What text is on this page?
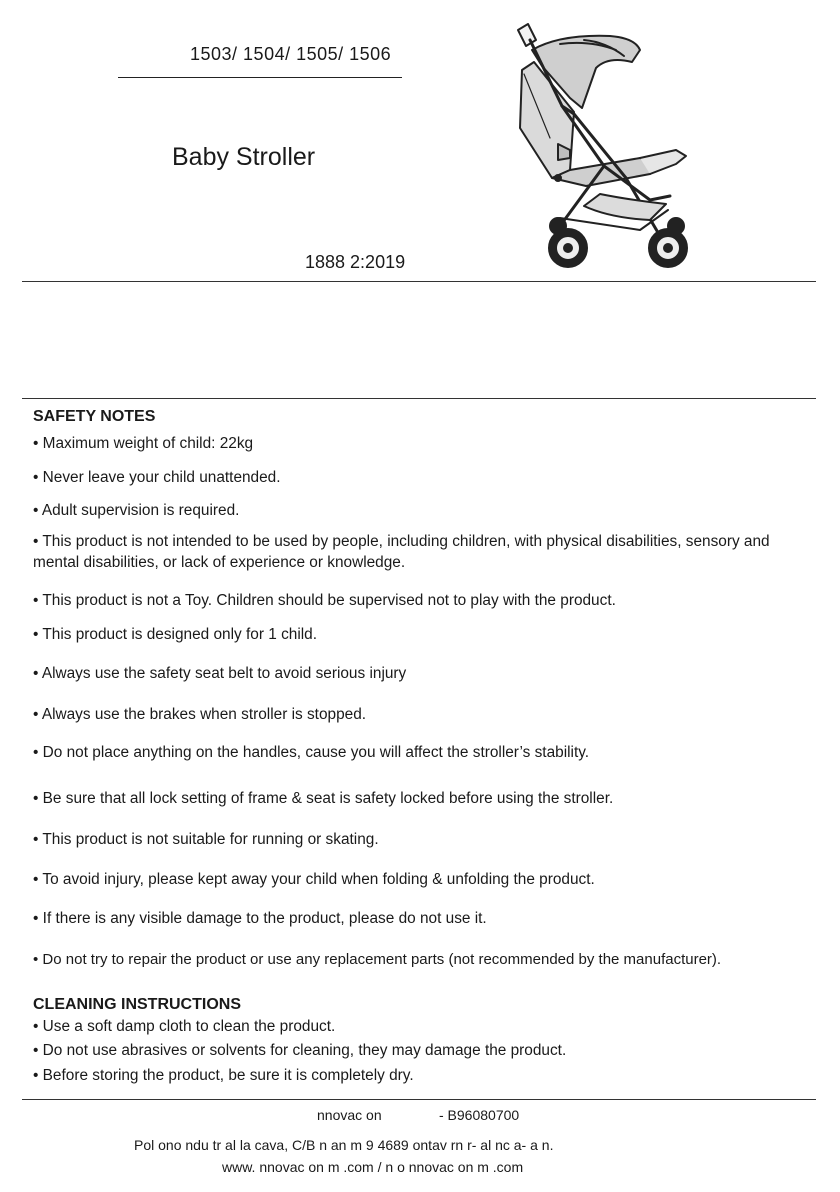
1503/ 1504/ 1505/ 1506
Baby Stroller
1888 2:2019
SAFETY NOTES
• Maximum weight of child: 22kg
• Never leave your child unattended.
• Adult supervision is required.
• This product is not intended to be used by people, including children, with physical disabilities, sensory and mental disabilities, or lack of experience or knowledge.
• This product is not a Toy. Children should be supervised not to play with the product.
• This product is designed only for 1 child.
• Always use the safety seat belt to avoid serious injury
• Always use the brakes when stroller is stopped.
• Do not place anything on the handles, cause you will affect the stroller’s stability.
• Be sure that all lock setting of frame & seat is safety locked before using the stroller.
• This product is not suitable for running or skating.
• To avoid injury, please kept away your child when folding & unfolding the product.
• If there is any visible damage to the product, please do not use it.
• Do not try to repair the product or use any replacement parts (not recommended by the manufacturer).
CLEANING INSTRUCTIONS
• Use a soft damp cloth to clean the product.
• Do not use abrasives or solvents for cleaning, they may damage the product.
• Before storing the product, be sure it is completely dry.
nnovac on	- B96080700
Pol ono ndu tr al la cava, C/B n an m 9 4689 ontav rn r- al nc a- a n.
www. nnovac on m .com / n o nnovac on m .com
